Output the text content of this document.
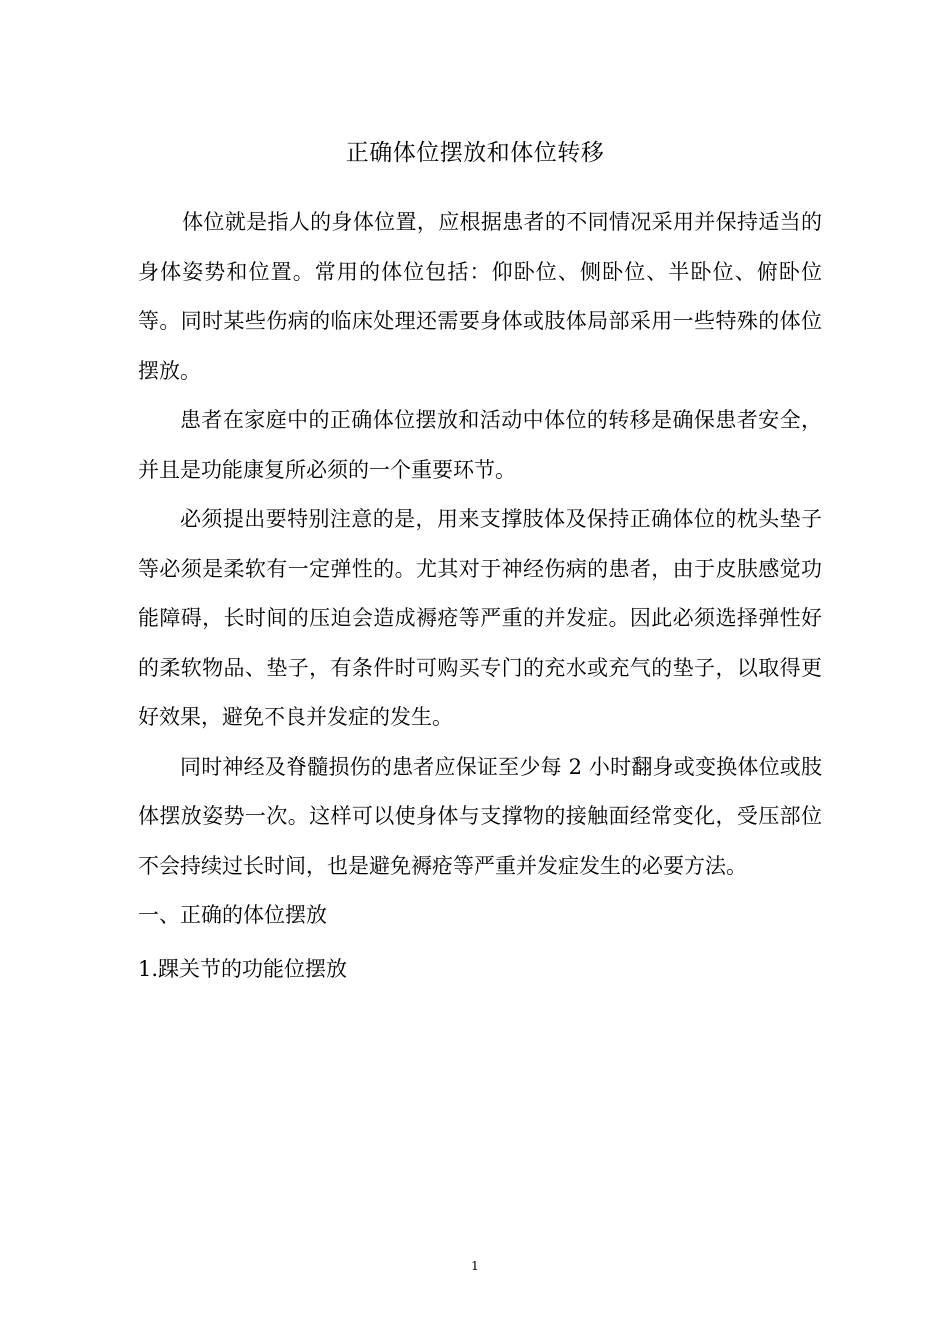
正确体位摆放和体位转移

体位就是指人的身体位置，应根据患者的不同情况采用并保持适当的身体姿势和位置。常用的体位包括：仰卧位、侧卧位、半卧位、俯卧位等。同时某些伤病的临床处理还需要身体或肢体局部采用一些特殊的体位摆放。

患者在家庭中的正确体位摆放和活动中体位的转移是确保患者安全，并且是功能康复所必须的一个重要环节。

必须提出要特别注意的是，用来支撑肢体及保持正确体位的枕头垫子等必须是柔软有一定弹性的。尤其对于神经伤病的患者，由于皮肤感觉功能障碍，长时间的压迫会造成褥疮等严重的并发症。因此必须选择弹性好的柔软物品、垫子，有条件时可购买专门的充水或充气的垫子，以取得更好效果，避免不良并发症的发生。

同时神经及脊髓损伤的患者应保证至少每 2 小时翻身或变换体位或肢体摆放姿势一次。这样可以使身体与支撑物的接触面经常变化，受压部位不会持续过长时间，也是避免褥疮等严重并发症发生的必要方法。

一、正确的体位摆放

1.踝关节的功能位摆放

1
